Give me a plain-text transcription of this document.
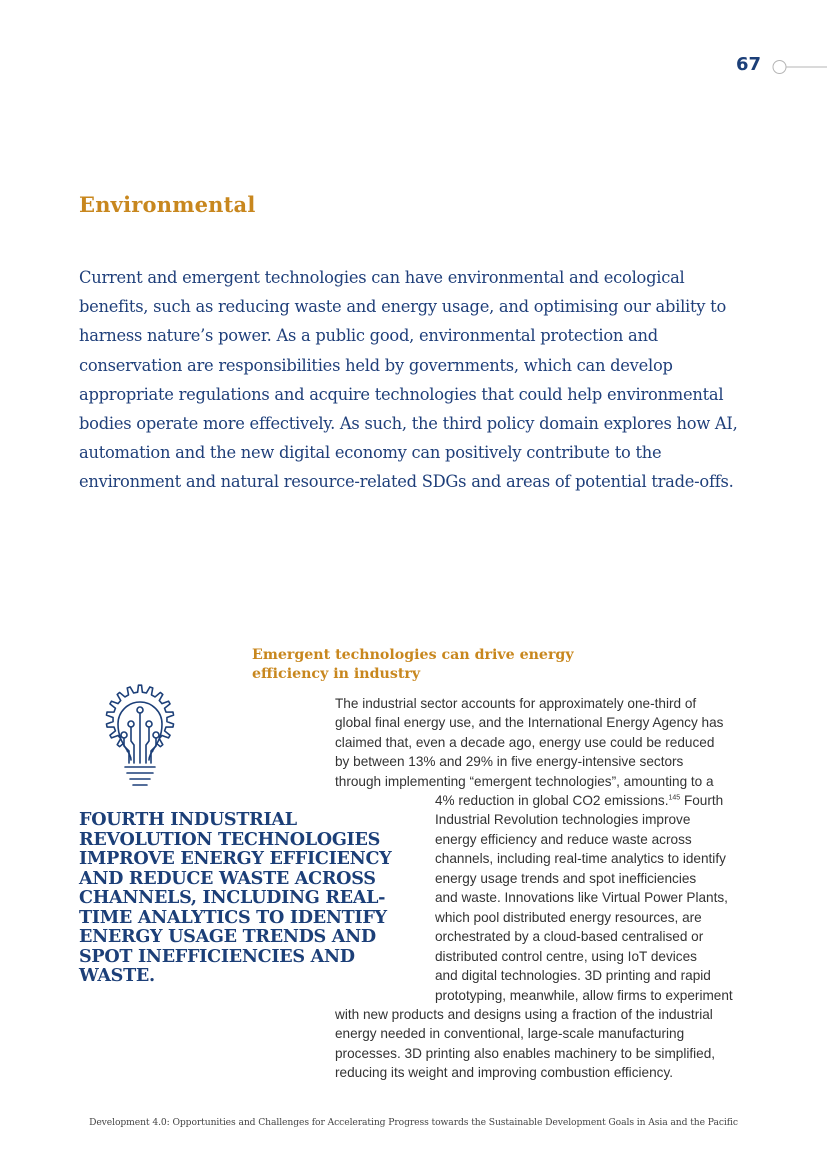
67
Environmental

Current and emergent technologies can have environmental and ecological benefits, such as reducing waste and energy usage, and optimising our ability to harness nature’s power. As a public good, environmental protection and conservation are responsibilities held by governments, which can develop appropriate regulations and acquire technologies that could help environmental bodies operate more effectively. As such, the third policy domain explores how AI, automation and the new digital economy can positively contribute to the environment and natural resource-related SDGs and areas of potential trade-offs.

Emergent technologies can drive energy efficiency in industry

FOURTH INDUSTRIAL REVOLUTION TECHNOLOGIES IMPROVE ENERGY EFFICIENCY AND REDUCE WASTE ACROSS CHANNELS, INCLUDING REAL-TIME ANALYTICS TO IDENTIFY ENERGY USAGE TRENDS AND SPOT INEFFICIENCIES AND WASTE.

The industrial sector accounts for approximately one-third of
global final energy use, and the International Energy Agency has
claimed that, even a decade ago, energy use could be reduced
by between 13% and 29% in five energy-intensive sectors
through implementing “emergent technologies”, amounting to a
4% reduction in global CO2 emissions.$^{145}$ Fourth
Industrial Revolution technologies improve
energy efficiency and reduce waste across
channels, including real-time analytics to identify
energy usage trends and spot inefficiencies
and waste. Innovations like Virtual Power Plants,
which pool distributed energy resources, are
orchestrated by a cloud-based centralised or
distributed control centre, using IoT devices
and digital technologies. 3D printing and rapid
prototyping, meanwhile, allow firms to experiment
with new products and designs using a fraction of the industrial
energy needed in conventional, large-scale manufacturing
processes. 3D printing also enables machinery to be simplified,
reducing its weight and improving combustion efficiency.

Development 4.0: Opportunities and Challenges for Accelerating Progress towards the Sustainable Development Goals in Asia and the Pacific
